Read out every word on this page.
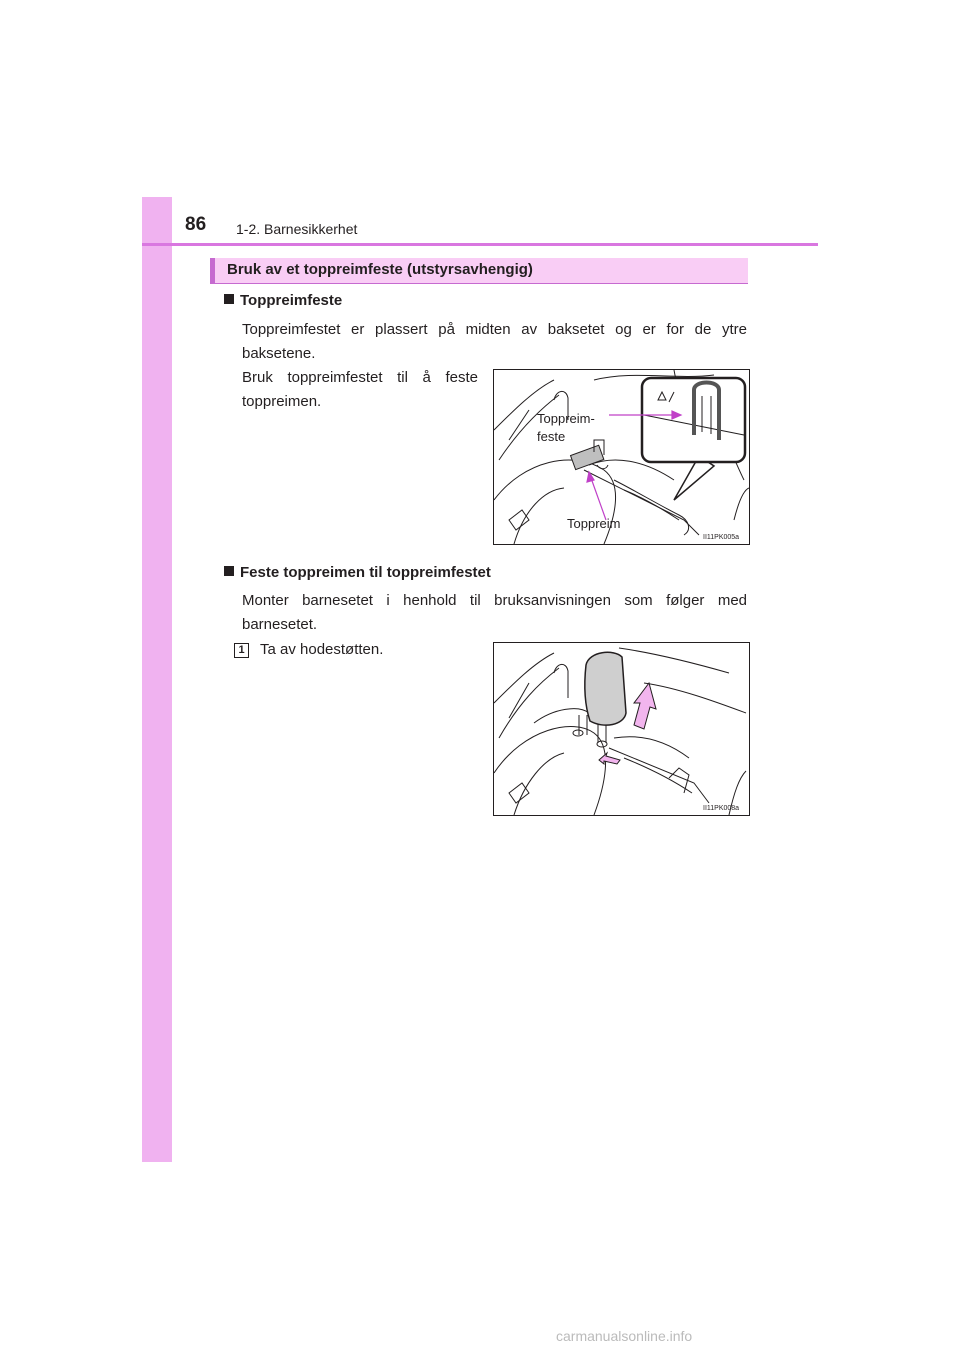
86 1-2. Barnesikkerhet
Bruk av et toppreimfeste (utstyrsavhengig)
Toppreimfeste
Toppreimfestet er plassert på midten av baksetet og er for de ytre baksetene.
Bruk toppreimfestet til å feste toppreimen.
Toppreim-
feste
Toppreim
II11PK005a
Feste toppreimen til toppreimfestet
Monter barnesetet i henhold til bruksanvisningen som følger med barnesetet.
1 Ta av hodestøtten.
II11PK008a
carmanualsonline.info
